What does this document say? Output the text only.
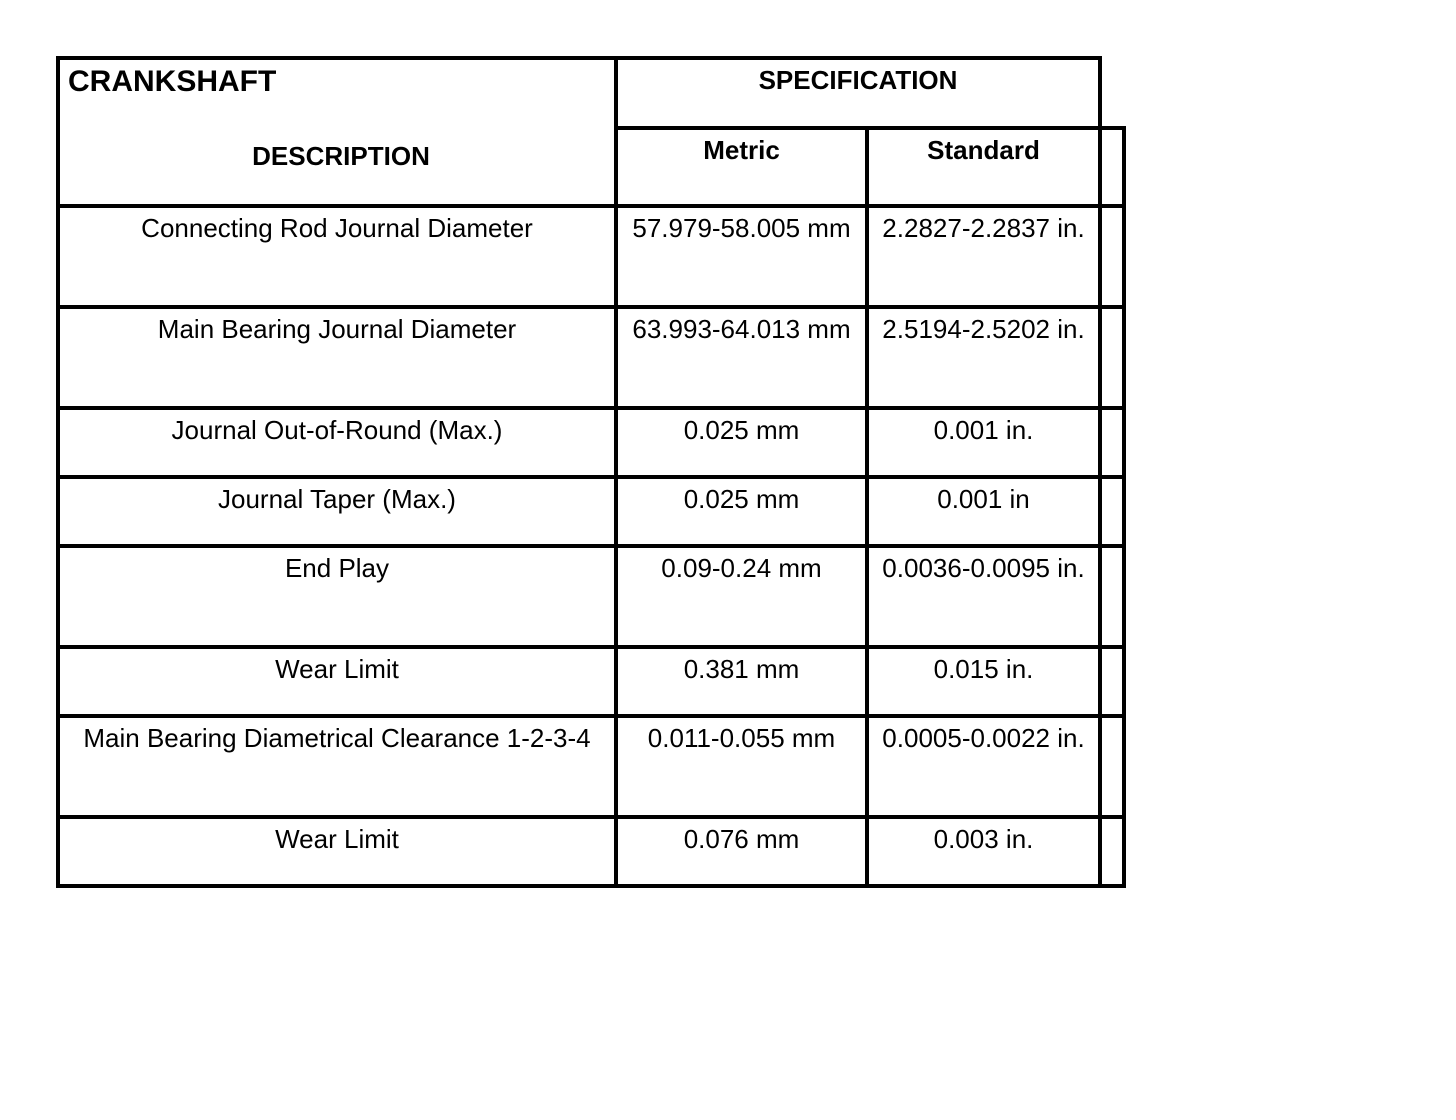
CRANKSHAFT
DESCRIPTION	SPECIFICATION		
	Metric	Standard	

Connecting Rod Journal Diameter	57.979-58.005 mm	2.2827-2.2837 in.	

Main Bearing Journal Diameter	63.993-64.013 mm	2.5194-2.5202 in.	

Journal Out-of-Round (Max.)	0.025 mm	0.001 in.	

Journal Taper (Max.)	0.025 mm	0.001 in	

End Play	0.09-0.24 mm	0.0036-0.0095 in.	

Wear Limit	0.381 mm	0.015 in.	

Main Bearing Diametrical Clearance 1-2-3-4	0.011-0.055 mm	0.0005-0.0022 in.	

Wear Limit	0.076 mm	0.003 in.	
